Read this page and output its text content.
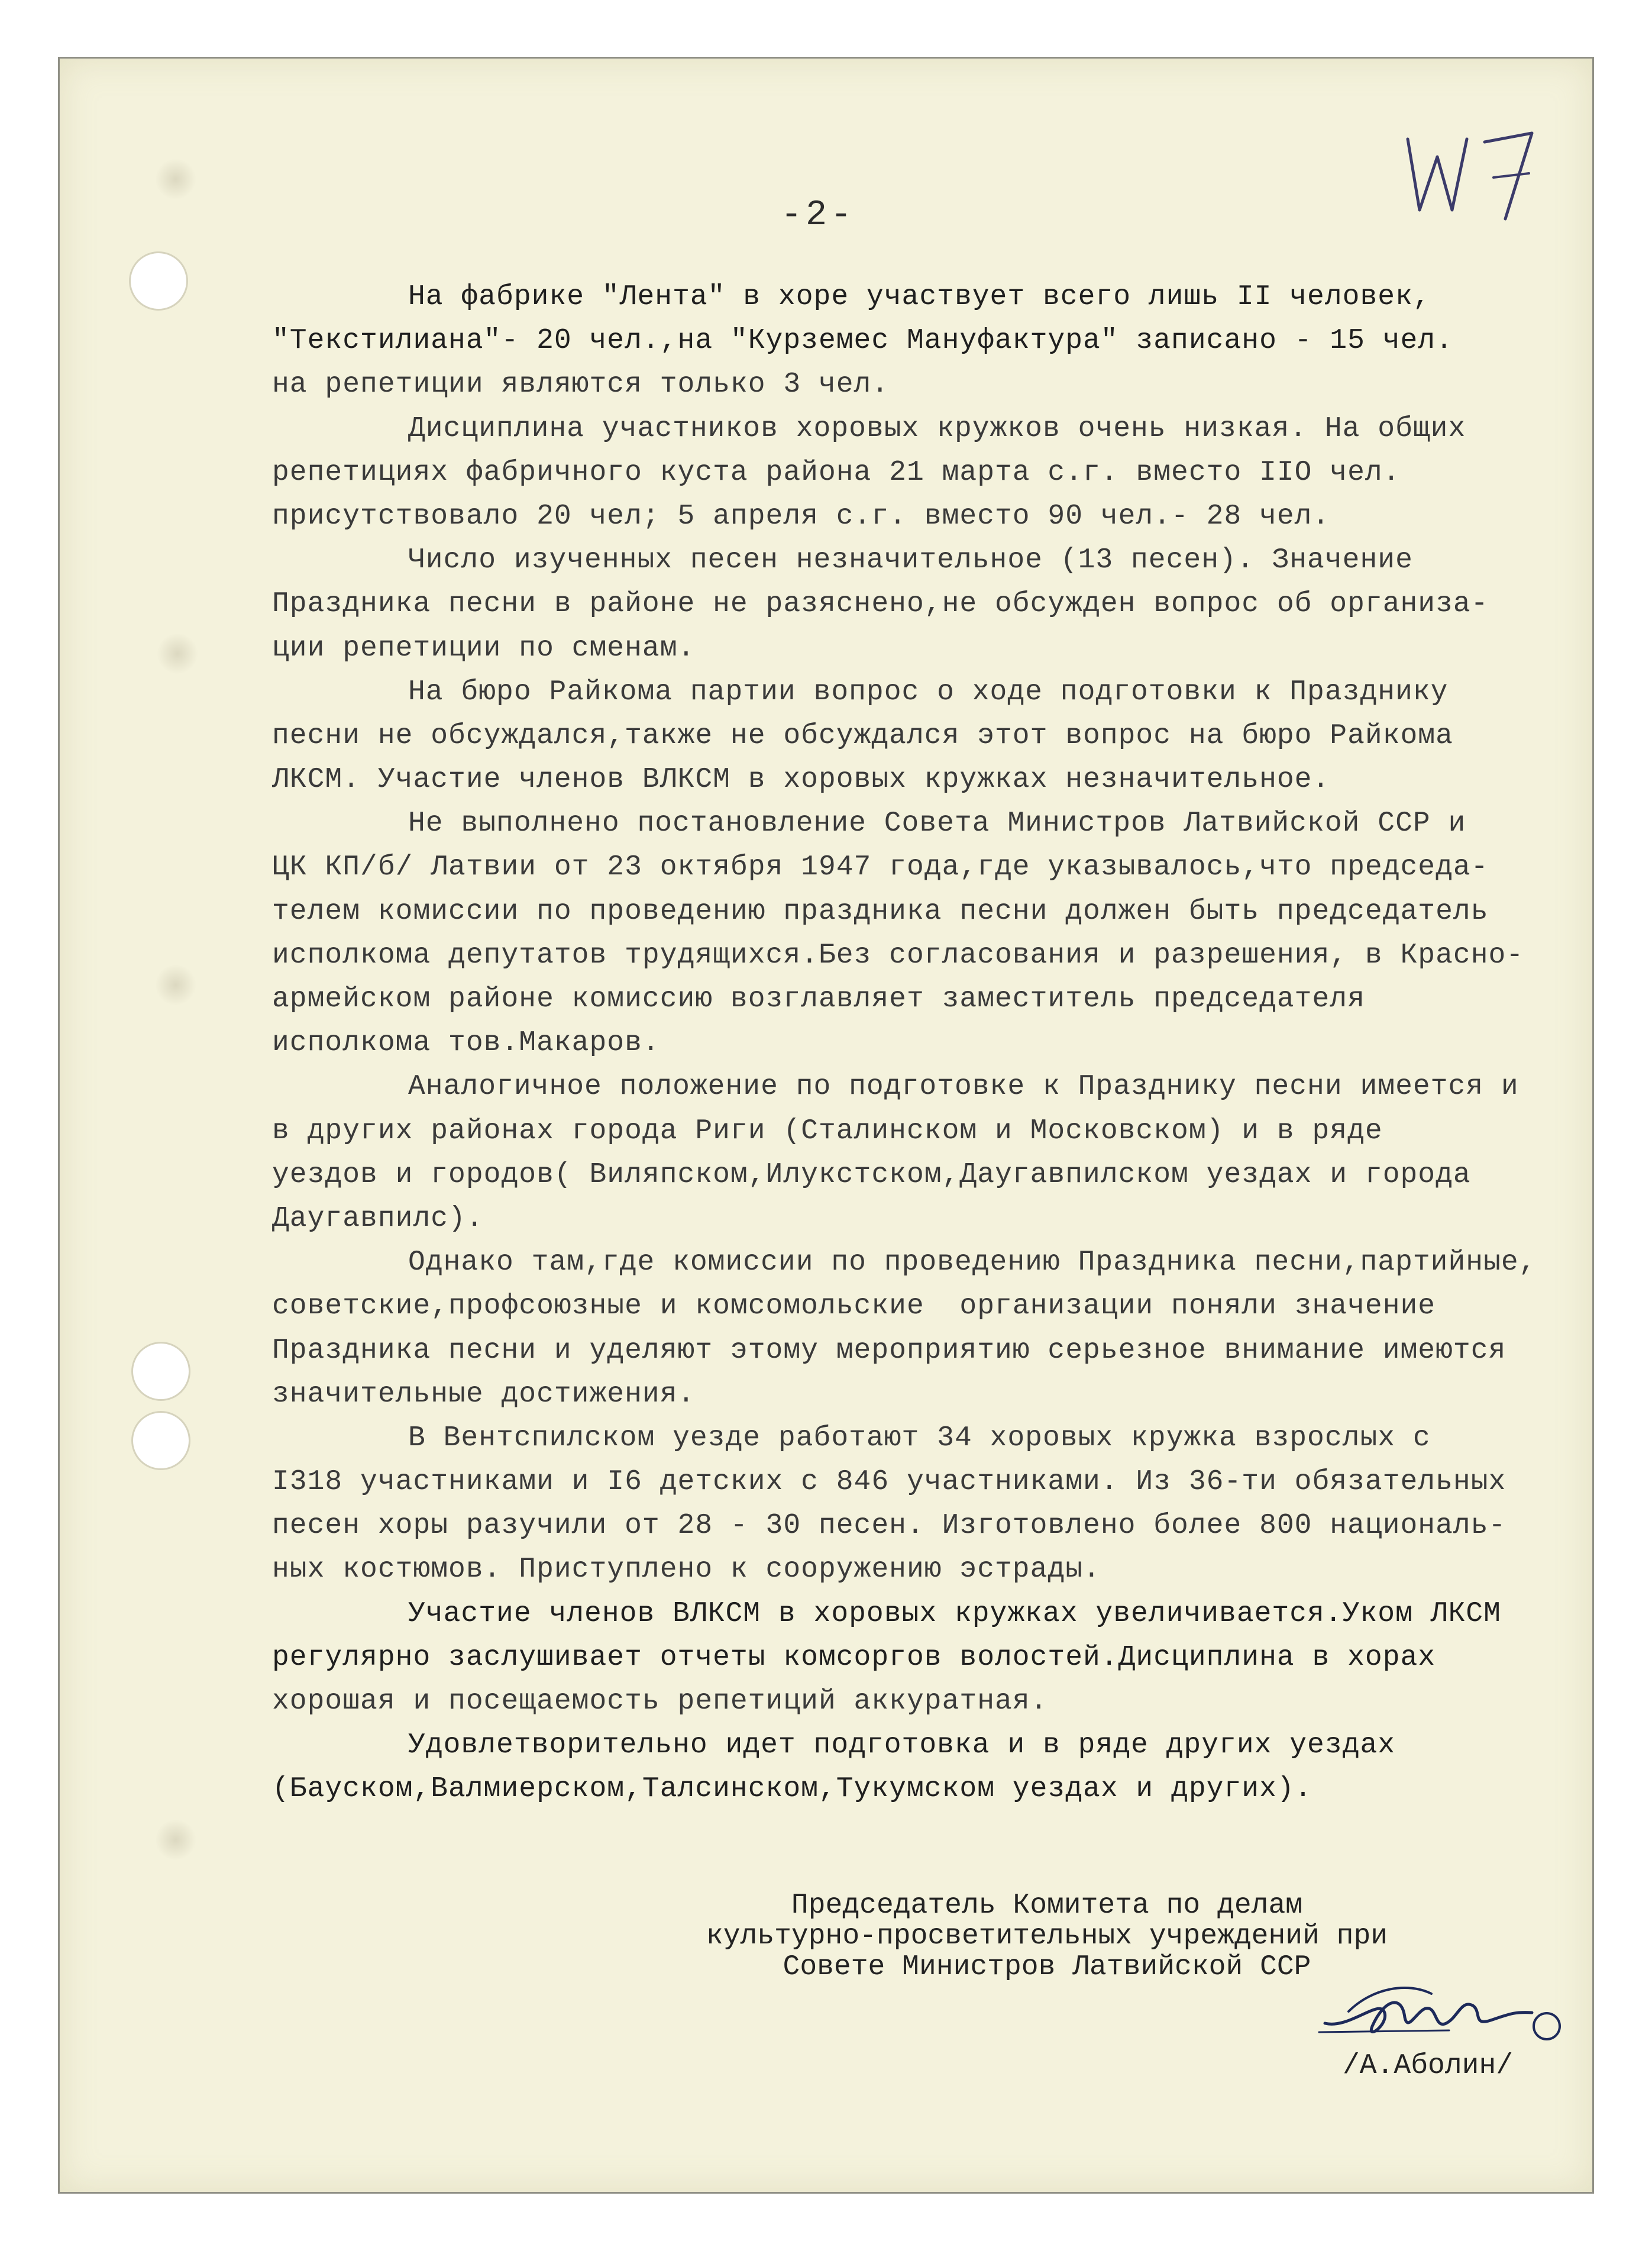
-2-
На фабрике "Лента" в хоре участвует всего лишь II человек,
"Текстилиана"- 20 чел.,на "Курземес Мануфактура" записано - 15 чел.
на репетиции являются только 3 чел.
Дисциплина участников хоровых кружков очень низкая. На общих
репетициях фабричного куста района 21 марта с.г. вместо IIO чел.
присутствовало 20 чел; 5 апреля с.г. вместо 90 чел.- 28 чел.
Число изученных песен незначительное (13 песен). Значение
Праздника песни в районе не разяснено,не обсужден вопрос об организа-
ции репетиции по сменам.
На бюро Райкома партии вопрос о ходе подготовки к Празднику
песни не обсуждался,также не обсуждался этот вопрос на бюро Райкома
ЛКСМ. Участие членов ВЛКСМ в хоровых кружках незначительное.
Не выполнено постановление Совета Министров Латвийской ССР и
ЦК КП/б/ Латвии от 23 октября 1947 года,где указывалось,что председа-
телем комиссии по проведению праздника песни должен быть председатель
исполкома депутатов трудящихся.Без согласования и разрешения, в Красно-
армейском районе комиссию возглавляет заместитель председателя
исполкома тов.Макаров.
Аналогичное положение по подготовке к Празднику песни имеется и
в других районах города Риги (Сталинском и Московском) и в ряде
уездов и городов( Виляпском,Илукстском,Даугавпилском уездах и города
Даугавпилс).
Однако там,где комиссии по проведению Праздника песни,партийные,
советские,профсоюзные и комсомольские  организации поняли значение
Праздника песни и уделяют этому мероприятию серьезное внимание имеются
значительные достижения.
В Вентспилском уезде работают 34 хоровых кружка взрослых с
I318 участниками и I6 детских с 846 участниками. Из 36-ти обязательных
песен хоры разучили от 28 - 30 песен. Изготовлено более 800 националь-
ных костюмов. Приступлено к сооружению эстрады.
Участие членов ВЛКСМ в хоровых кружках увеличивается.Уком ЛКСМ
регулярно заслушивает отчеты комсоргов волостей.Дисциплина в хорах
хорошая и посещаемость репетиций аккуратная.
Удовлетворительно идет подготовка и в ряде других уездах
(Бауском,Валмиерском,Талсинском,Тукумском уездах и других).
Председатель Комитета по делам
культурно-просветительных учреждений при
Совете Министров Латвийской ССР
/А.Аболин/
